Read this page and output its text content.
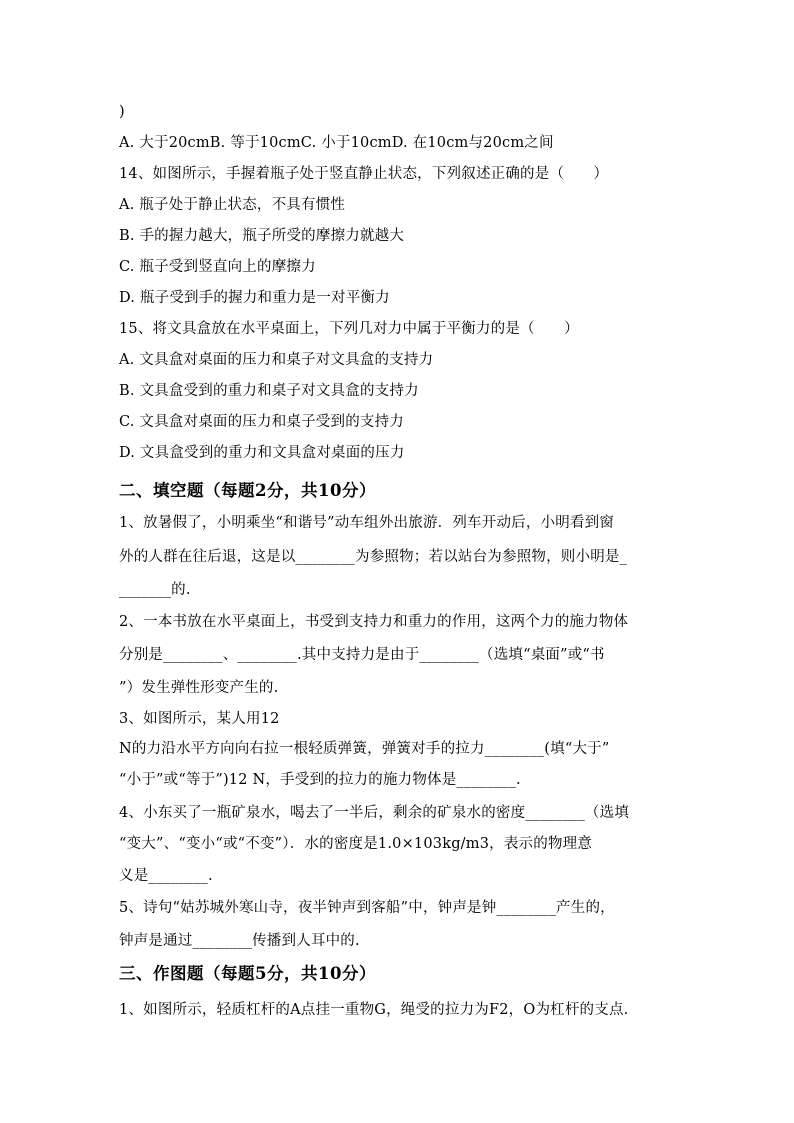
)
A. 大于20cmB. 等于10cmC. 小于10cmD. 在10cm与20cm之间
14、如图所示，手握着瓶子处于竖直静止状态，下列叙述正确的是（　　）
A. 瓶子处于静止状态，不具有惯性
B. 手的握力越大，瓶子所受的摩擦力就越大
C. 瓶子受到竖直向上的摩擦力
D. 瓶子受到手的握力和重力是一对平衡力
15、将文具盒放在水平桌面上，下列几对力中属于平衡力的是（　　）
A. 文具盒对桌面的压力和桌子对文具盒的支持力
B. 文具盒受到的重力和桌子对文具盒的支持力
C. 文具盒对桌面的压力和桌子受到的支持力
D. 文具盒受到的重力和文具盒对桌面的压力
二、填空题（每题2分，共10分）
1、放暑假了，小明乘坐“和谐号”动车组外出旅游．列车开动后，小明看到窗
外的人群在往后退，这是以________为参照物；若以站台为参照物，则小明是_
_______的.
2、一本书放在水平桌面上，书受到支持力和重力的作用，这两个力的施力物体
分别是________、________.其中支持力是由于________（选填“桌面”或“书
”）发生弹性形变产生的.
3、如图所示，某人用12
N的力沿水平方向向右拉一根轻质弹簧，弹簧对手的拉力________(填“大于”
“小于”或“等于”)12 N，手受到的拉力的施力物体是________.
4、小东买了一瓶矿泉水，喝去了一半后，剩余的矿泉水的密度________（选填
“变大”、“变小“或“不变”）．水的密度是1.0×103kg/m3，表示的物理意
义是________.
5、诗句“姑苏城外寒山寺，夜半钟声到客船”中，钟声是钟________产生的，
钟声是通过________传播到人耳中的.
三、作图题（每题5分，共10分）
1、如图所示，轻质杠杆的A点挂一重物G，绳受的拉力为F2，O为杠杆的支点.
